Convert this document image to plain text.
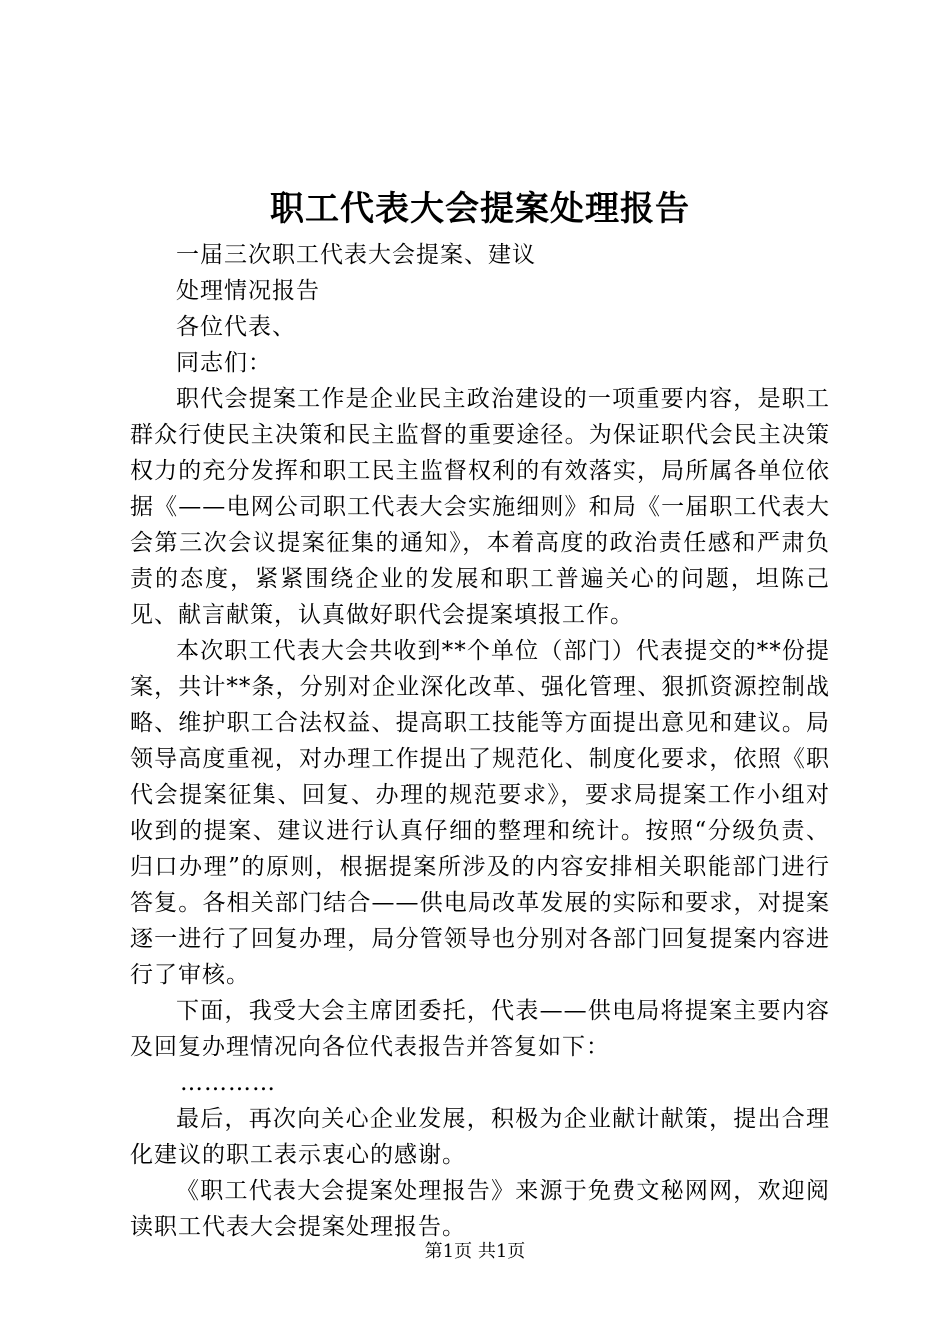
职工代表大会提案处理报告

一届三次职工代表大会提案、建议

处理情况报告

各位代表、

同志们：

职代会提案工作是企业民主政治建设的一项重要内容，是职工群众行使民主决策和民主监督的重要途径。为保证职代会民主决策权力的充分发挥和职工民主监督权利的有效落实，局所属各单位依据《——电网公司职工代表大会实施细则》和局《一届职工代表大会第三次会议提案征集的通知》，本着高度的政治责任感和严肃负责的态度，紧紧围绕企业的发展和职工普遍关心的问题，坦陈己见、献言献策，认真做好职代会提案填报工作。

本次职工代表大会共收到**个单位（部门）代表提交的**份提案，共计**条，分别对企业深化改革、强化管理、狠抓资源控制战略、维护职工合法权益、提高职工技能等方面提出意见和建议。局领导高度重视，对办理工作提出了规范化、制度化要求，依照《职代会提案征集、回复、办理的规范要求》，要求局提案工作小组对收到的提案、建议进行认真仔细的整理和统计。按照“分级负责、归口办理”的原则，根据提案所涉及的内容安排相关职能部门进行答复。各相关部门结合——供电局改革发展的实际和要求，对提案逐一进行了回复办理，局分管领导也分别对各部门回复提案内容进行了审核。

下面，我受大会主席团委托，代表——供电局将提案主要内容及回复办理情况向各位代表报告并答复如下：

…………

最后，再次向关心企业发展，积极为企业献计献策，提出合理化建议的职工表示衷心的感谢。

《职工代表大会提案处理报告》来源于免费文秘网网，欢迎阅读职工代表大会提案处理报告。

第1页 共1页
